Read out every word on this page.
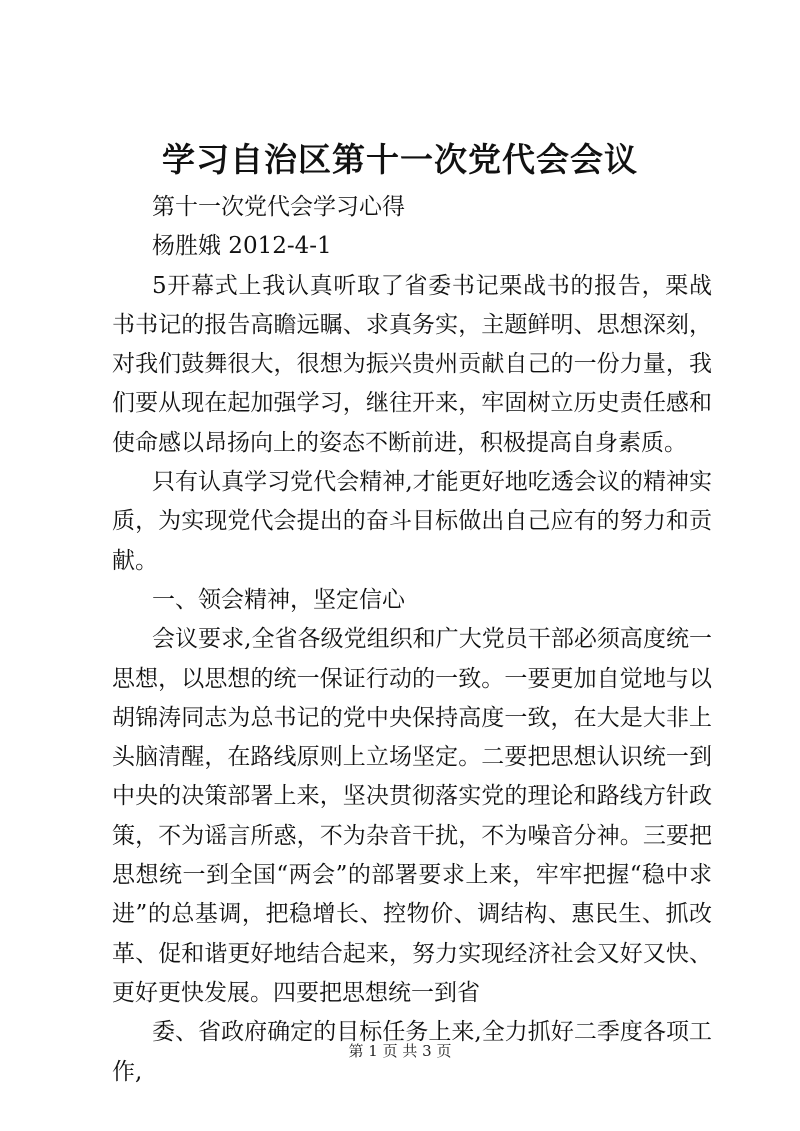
学习自治区第十一次党代会会议

第十一次党代会学习心得

杨胜娥 2012-4-1

5开幕式上我认真听取了省委书记栗战书的报告，栗战书书记的报告高瞻远瞩、求真务实，主题鲜明、思想深刻，对我们鼓舞很大，很想为振兴贵州贡献自己的一份力量，我们要从现在起加强学习，继往开来，牢固树立历史责任感和使命感以昂扬向上的姿态不断前进，积极提高自身素质。

只有认真学习党代会精神,才能更好地吃透会议的精神实质，为实现党代会提出的奋斗目标做出自己应有的努力和贡献。

一、领会精神，坚定信心

会议要求,全省各级党组织和广大党员干部必须高度统一思想，以思想的统一保证行动的一致。一要更加自觉地与以胡锦涛同志为总书记的党中央保持高度一致，在大是大非上头脑清醒，在路线原则上立场坚定。二要把思想认识统一到中央的决策部署上来，坚决贯彻落实党的理论和路线方针政策，不为谣言所惑，不为杂音干扰，不为噪音分神。三要把思想统一到全国“两会”的部署要求上来，牢牢把握“稳中求进”的总基调，把稳增长、控物价、调结构、惠民生、抓改革、促和谐更好地结合起来，努力实现经济社会又好又快、更好更快发展。四要把思想统一到省

委、省政府确定的目标任务上来,全力抓好二季度各项工作,

第 1 页 共 3 页
